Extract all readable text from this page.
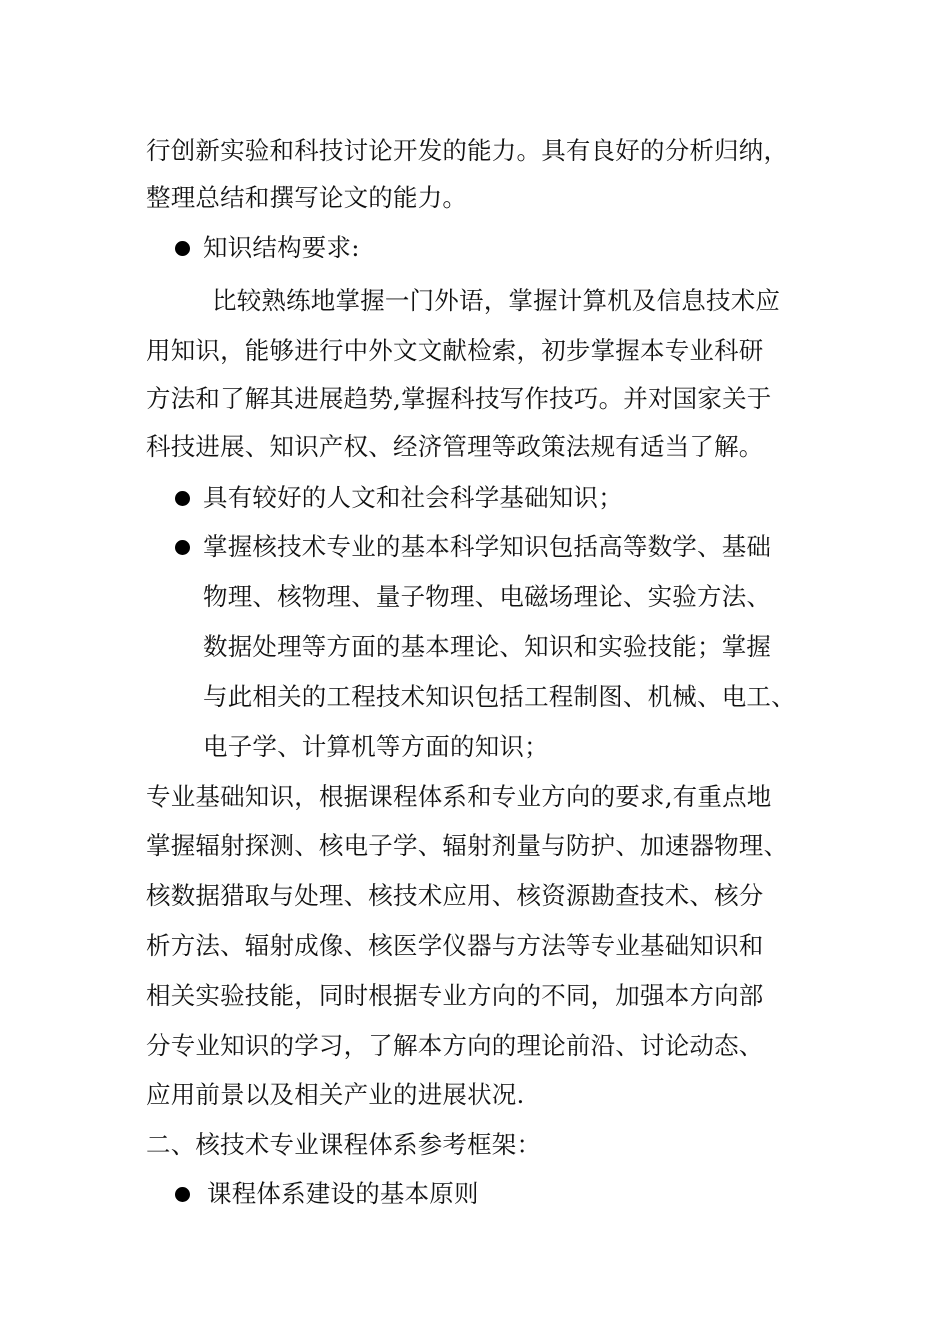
行创新实验和科技讨论开发的能力。具有良好的分析归纳，
整理总结和撰写论文的能力。
知识结构要求:
比较熟练地掌握一门外语，掌握计算机及信息技术应
用知识，能够进行中外文文献检索，初步掌握本专业科研
方法和了解其进展趋势,掌握科技写作技巧。并对国家关于
科技进展、知识产权、经济管理等政策法规有适当了解。
具有较好的人文和社会科学基础知识；
掌握核技术专业的基本科学知识包括高等数学、基础
物理、核物理、量子物理、电磁场理论、实验方法、
数据处理等方面的基本理论、知识和实验技能；掌握
与此相关的工程技术知识包括工程制图、机械、电工、
电子学、计算机等方面的知识；
专业基础知识，根据课程体系和专业方向的要求,有重点地
掌握辐射探测、核电子学、辐射剂量与防护、加速器物理、
核数据猎取与处理、核技术应用、核资源勘查技术、核分
析方法、辐射成像、核医学仪器与方法等专业基础知识和
相关实验技能，同时根据专业方向的不同，加强本方向部
分专业知识的学习，了解本方向的理论前沿、讨论动态、
应用前景以及相关产业的进展状况.
二、核技术专业课程体系参考框架：
课程体系建设的基本原则
